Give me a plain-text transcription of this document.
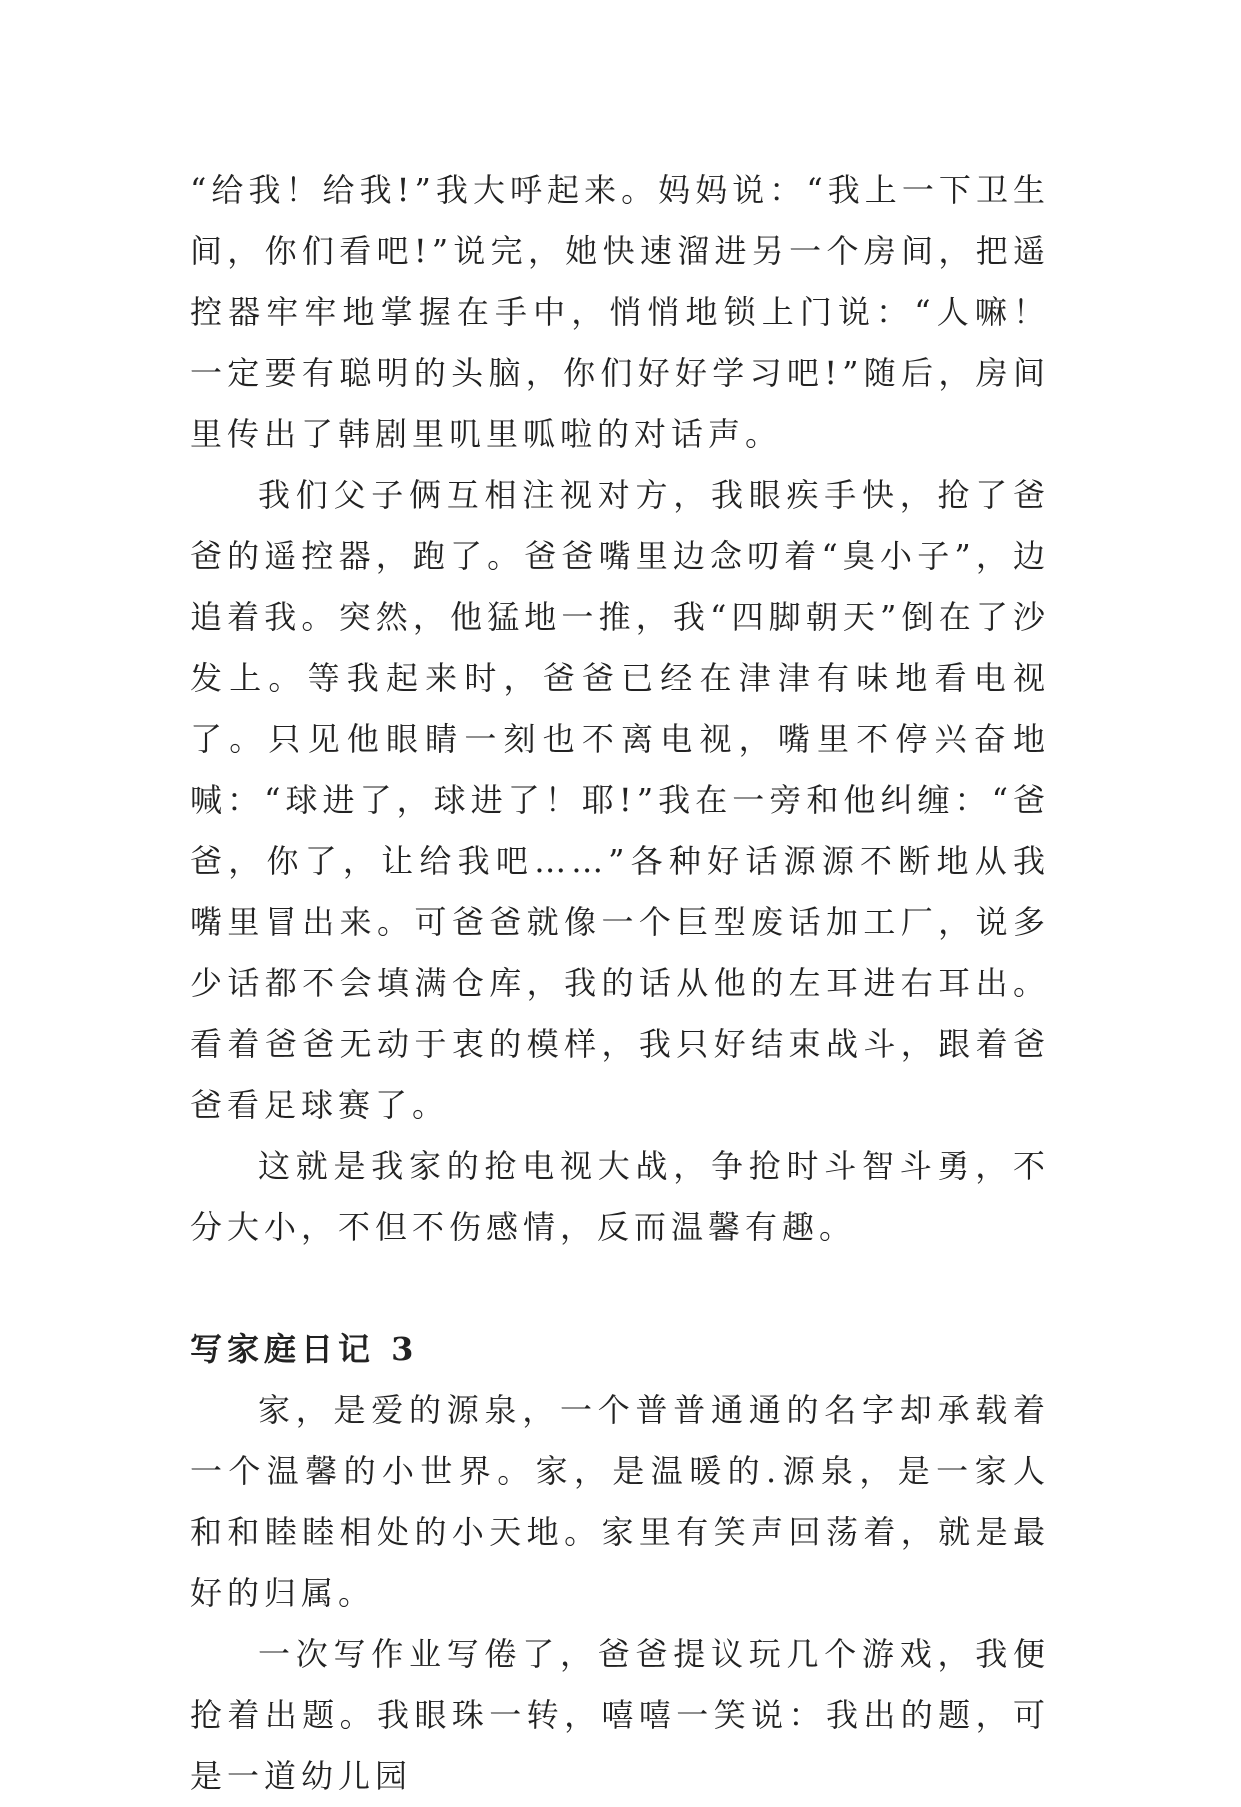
“给我！给我!”我大呼起来。妈妈说：“我上一下卫生间，你们看吧!”说完，她快速溜进另一个房间，把遥控器牢牢地掌握在手中，悄悄地锁上门说：“人嘛！一定要有聪明的头脑，你们好好学习吧!”随后，房间里传出了韩剧里叽里呱啦的对话声。

我们父子俩互相注视对方，我眼疾手快，抢了爸爸的遥控器，跑了。爸爸嘴里边念叨着“臭小子”，边追着我。突然，他猛地一推，我“四脚朝天”倒在了沙发上。等我起来时，爸爸已经在津津有味地看电视了。只见他眼睛一刻也不离电视，嘴里不停兴奋地喊：“球进了，球进了！耶!”我在一旁和他纠缠：“爸爸，你了，让给我吧……”各种好话源源不断地从我嘴里冒出来。可爸爸就像一个巨型废话加工厂，说多少话都不会填满仓库，我的话从他的左耳进右耳出。看着爸爸无动于衷的模样，我只好结束战斗，跟着爸爸看足球赛了。

这就是我家的抢电视大战，争抢时斗智斗勇，不分大小，不但不伤感情，反而温馨有趣。

写家庭日记 3

家，是爱的源泉，一个普普通通的名字却承载着一个温馨的小世界。家，是温暖的.源泉，是一家人和和睦睦相处的小天地。家里有笑声回荡着，就是最好的归属。

一次写作业写倦了，爸爸提议玩几个游戏，我便抢着出题。我眼珠一转，嘻嘻一笑说：我出的题，可是一道幼儿园
